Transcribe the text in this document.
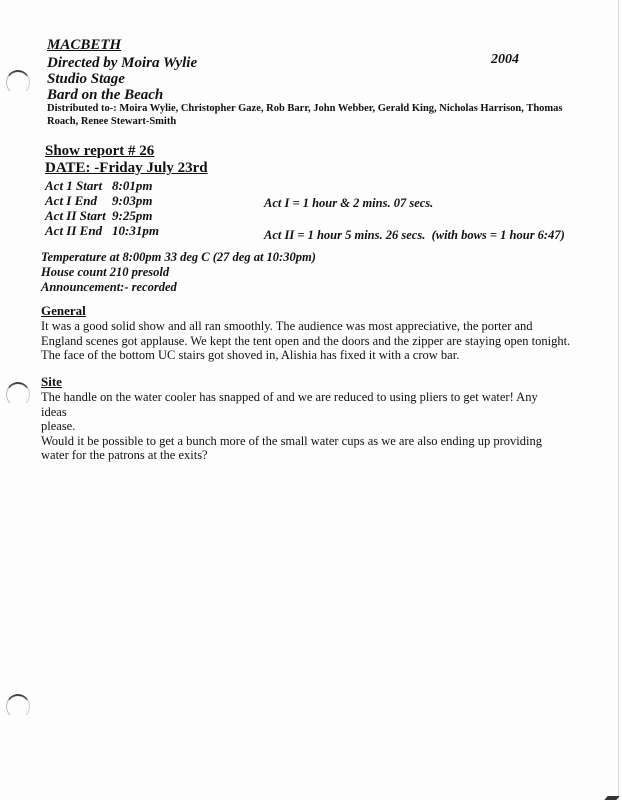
MACBETH
Directed by Moira Wylie
Studio Stage
Bard on the Beach
2004
Distributed to-: Moira Wylie, Christopher Gaze, Rob Barr, John Webber, Gerald King, Nicholas Harrison, Thomas Roach, Renee Stewart-Smith
Show report # 26
DATE: -Friday July 23rd
Act 1 Start 8:01pm
Act I End	9:03pm
Act II Start 9:25pm
Act II End 10:31pm
Act I = 1 hour & 2 mins. 07 secs.
Act II = 1 hour 5 mins. 26 secs.  (with bows = 1 hour 6:47)
Temperature at 8:00pm 33 deg C (27 deg at 10:30pm)
House count 210 presold
Announcement:- recorded
General
It was a good solid show and all ran smoothly. The audience was most appreciative, the porter and
England scenes got applause. We kept the tent open and the doors and the zipper are staying open tonight.
The face of the bottom UC stairs got shoved in, Alishia has fixed it with a crow bar.
Site
The handle on the water cooler has snapped of and we are reduced to using pliers to get water! Any ideas
please.
Would it be possible to get a bunch more of the small water cups as we are also ending up providing
water for the patrons at the exits?
